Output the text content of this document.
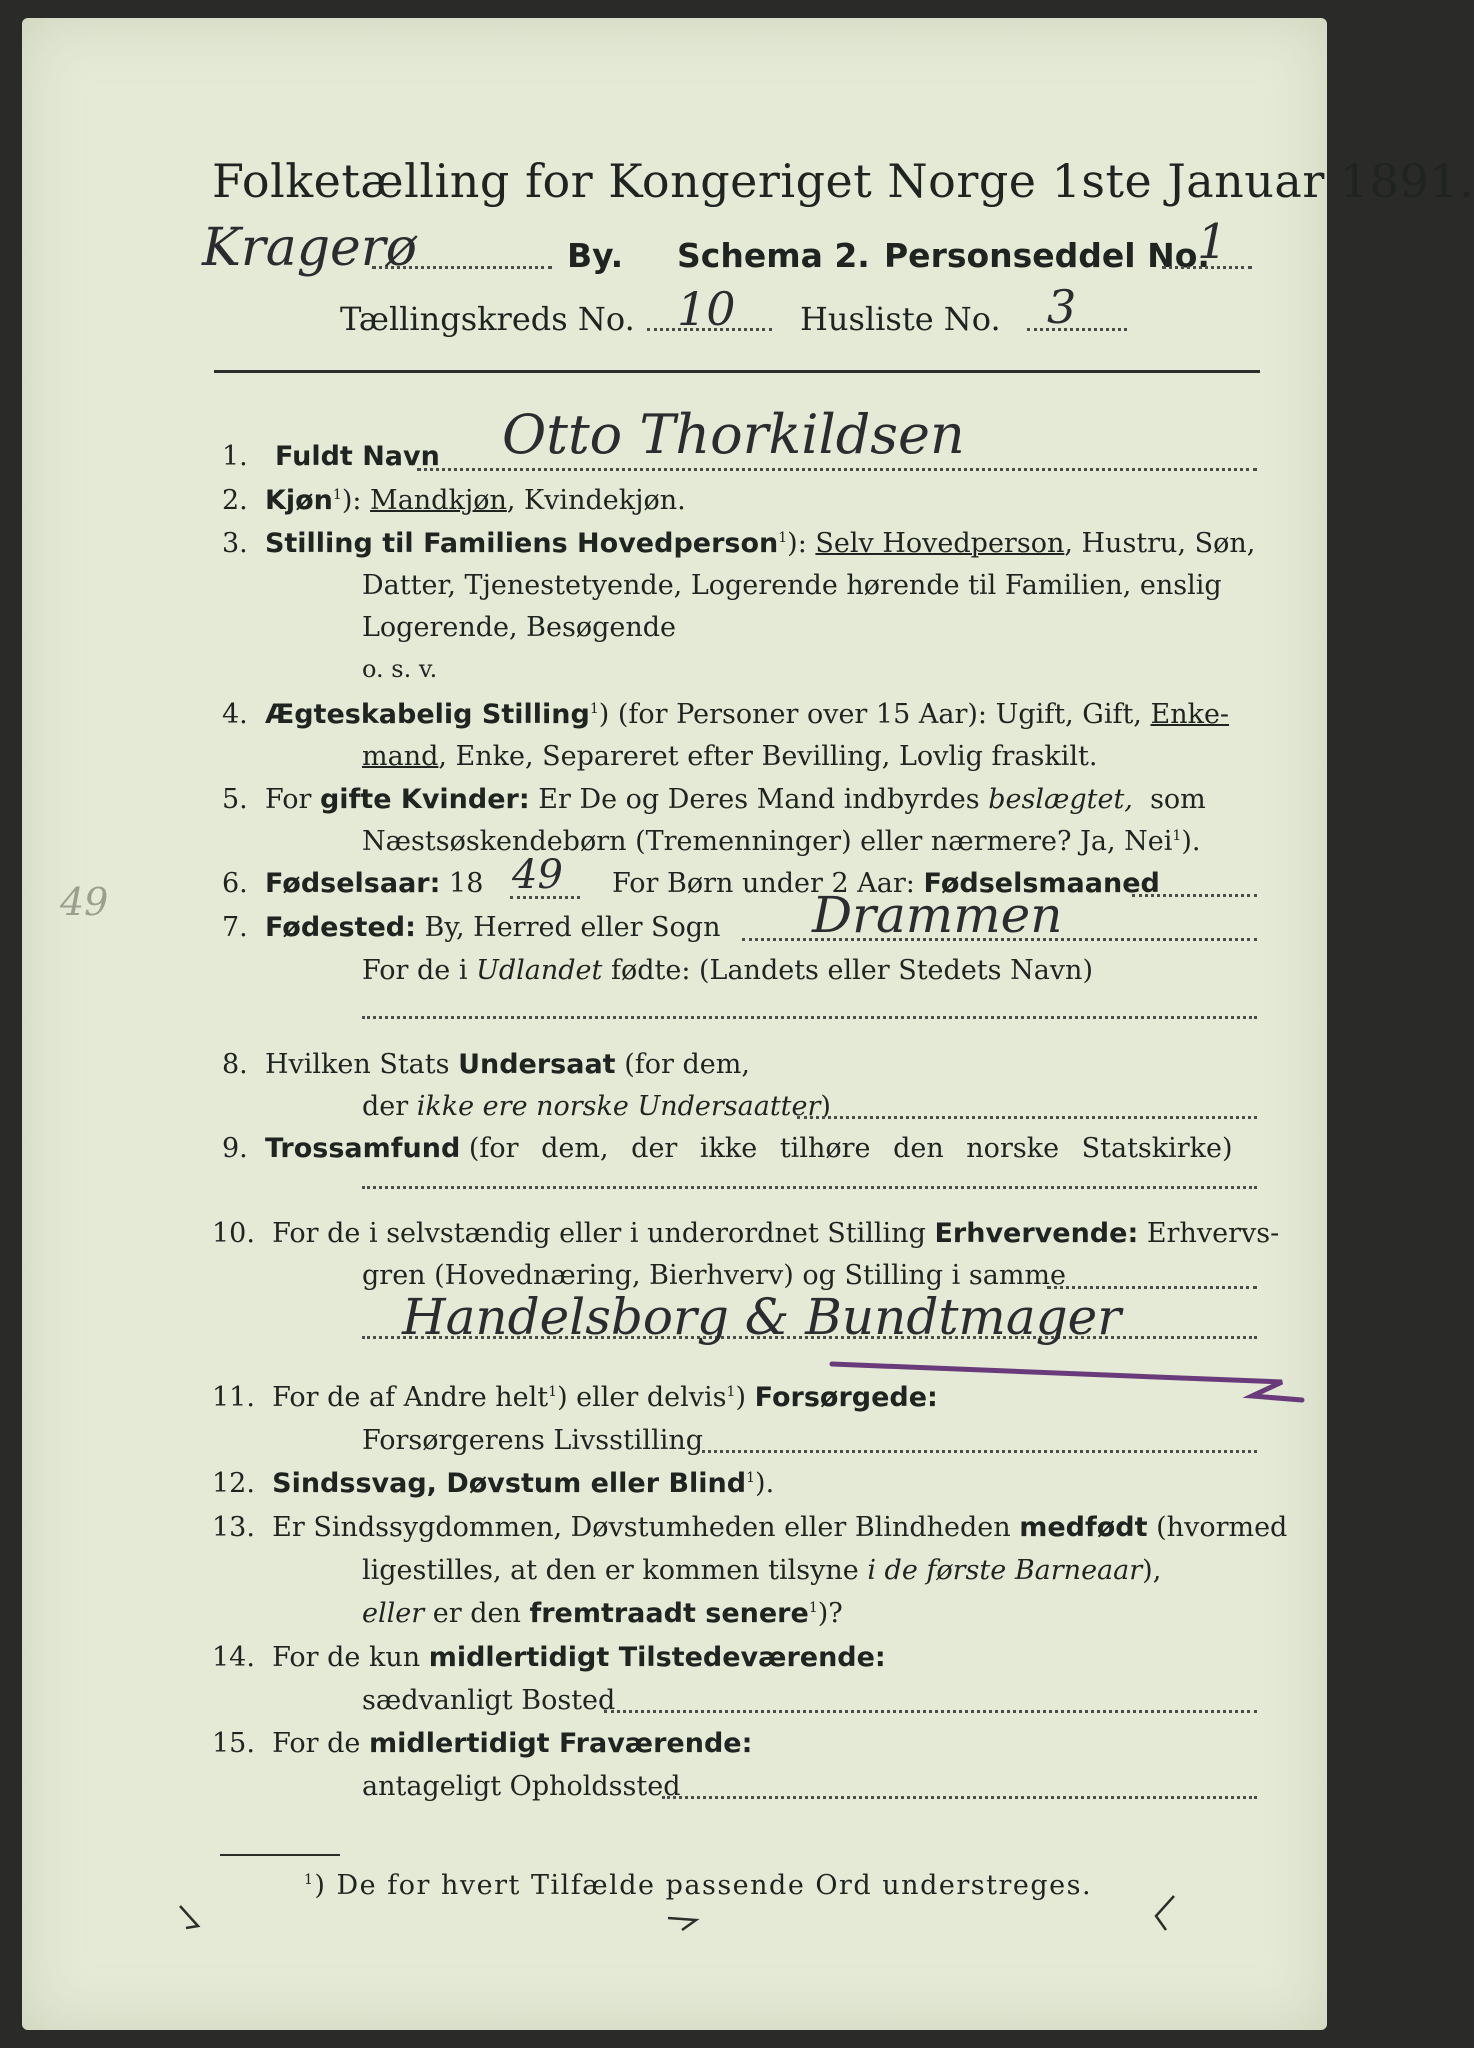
Folketælling for Kongeriget Norge 1ste Januar 1891.
Kragerø	By. Schema 2. Personseddel No.
1
Tællingskreds No. 10 Husliste No. 3
1. Fuldt Navn Otto Thorkildsen
2. Kjøn$^1$): Mandkjøn, Kvindekjøn.
3. Stilling til Familiens Hovedperson$^1$): Selv Hovedperson, Hustru, Søn,
Datter, Tjenestetyende, Logerende hørende til Familien, enslig
Logerende, Besøgende
o. s. v.
4. Ægteskabelig Stilling$^1$) (for Personer over 15 Aar): Ugift, Gift, Enke-
mand, Enke, Separeret efter Bevilling, Lovlig fraskilt.
5. For gifte Kvinder: Er De og Deres Mand indbyrdes beslægtet, som
Næstsøskendebørn (Tremenninger) eller nærmere? Ja, Nei$^1$).
49	6. Fødselsaar: 18 49 For Børn under 2 Aar: Fødselsmaaned
7. Fødested: By, Herred eller Sogn Drammen
For de i Udlandet fødte: (Landets eller Stedets Navn)
8. Hvilken Stats Undersaat (for dem,
der ikke ere norske Undersaatter)
9. Trossamfund (for dem, der ikke tilhøre den norske Statskirke)
10. For de i selvstændig eller i underordnet Stilling Erhvervende: Erhvervs-
gren (Hovednæring, Bierhverv) og Stilling i samme
Handelsborg & Bundtmager
11. For de af Andre helt$^1$) eller delvis$^1$) Forsørgede:
Forsørgerens Livsstilling
12. Sindssvag, Døvstum eller Blind$^1$).
13. Er Sindssygdommen, Døvstumheden eller Blindheden medfødt (hvormed
ligestilles, at den er kommen tilsyne i de første Barneaar),
eller er den fremtraadt senere$^1$)?
14. For de kun midlertidigt Tilstedeværende:
sædvanligt Bosted
15. For de midlertidigt Fraværende:
antageligt Opholdssted
$^1$) De for hvert Tilfælde passende Ord understreges.
